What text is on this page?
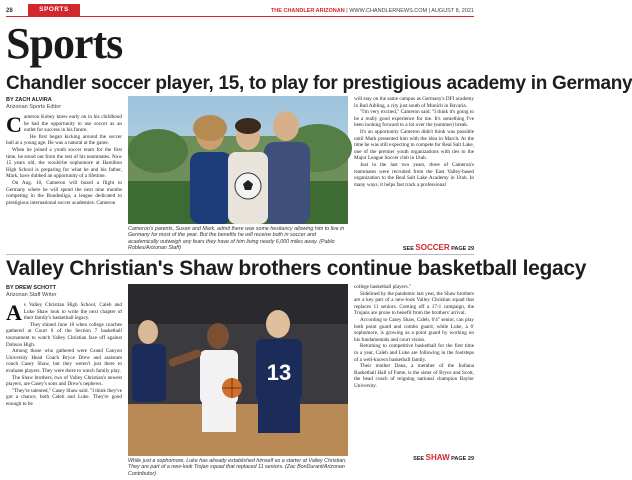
28	SPORTS	THE CHANDLER ARIZONAN | WWW.CHANDLERNEWS.COM | AUGUST 8, 2021
Sports
Chandler soccer player, 15, to play for prestigious academy in Germany
BY ZACH ALVIRA
Arizonan Sports Editor

Cameron Kobey knew early on in his childhood he had the opportunity to use soccer as an outlet for success in his future.

He first began kicking around the soccer ball at a young age. He was a natural at the game.

When he joined a youth soccer team for the first time, he stood out from the rest of his teammates. Now 15 years old, the would-be sophomore at Hamilton High School is preparing for what he and his father, Mark, have dubbed an opportunity of a lifetime.

On Aug. 10, Cameron will board a flight to Germany where he will spend the next nine months competing in the Bundesliga, a league dedicated to prestigious international soccer academies. Cameron

Cameron's parents, Susan and Mark, admit there was some hesitancy allowing him to live in Germany for most of the year. But the benefits he will receive both in soccer and academically outweigh any fears they have of him living nearly 6,000 miles away. (Pablo Robles/Arizonan Staff)

will stay on the same campus as Germany's DFI academy in Bad Aibling, a city just south of Munich in Bavaria.

"I'm very excited," Cameron said. "I think it's going to be a really good experience for me. It's something I've been looking forward to a lot over the (summer) break.

It's an opportunity Cameron didn't think was possible until Mark presented him with the idea in March. At the time he was still expecting to compete for Real Salt Lake, one of the premier youth organizations with ties to the Major League Soccer club in Utah.

Just in the last two years, three of Cameron's teammates were recruited from the East Valley-based organization to the Real Salt Lake Academy in Utah. In many ways, it helps fast track a professional

SEE SOCCER PAGE 29
Valley Christian's Shaw brothers continue basketball legacy
BY DREW SCHOTT
Arizonan Staff Writer

As Valley Christian High School, Caleb and Luke Shaw look to write the next chapter of their family's basketball legacy.

They shined June 18 when college coaches gathered at Court 6 of the Section 7 basketball tournament to watch Valley Christian face off against Dobson High.

Among those who gathered were Grand Canyon University Head Coach Bryce Drew and assistant coach Casey Shaw, but they weren't just there to evaluate players. They were there to watch family play.

The Shaw brothers, two of Valley Christian's newest players, are Casey's sons and Drew's nephews.

"They're talented," Casey Shaw said. "I think they've got a chance, both Caleb and Luke. They're good enough to be

13
While just a sophomore, Luke has already established himself as a starter at Valley Christian. They are part of a new-look Trojan squad that replaced 11 seniors. (Zac BonDurant/Arizonan Contributor)

college basketball players."

Sidelined by the pandemic last year, the Shaw brothers are a key part of a new-look Valley Christian squad that replaces 11 seniors. Coming off a 17-1 campaign, the Trojans are prone to benefit from the brothers' arrival.

According to Casey Shaw, Caleb, 6'4" senior, can play both point guard and combo guard, while Luke, a 6' sophomore, is growing as a point guard by working on his fundamentals and court vision.

Returning to competitive basketball for the first time in a year, Caleb and Luke are following in the footsteps of a well-known basketball family.

Their mother Dana, a member of the Indiana Basketball Hall of Fame, is the sister of Bryce and Scott, the head coach of reigning national champion Baylor University.

SEE SHAW PAGE 29
